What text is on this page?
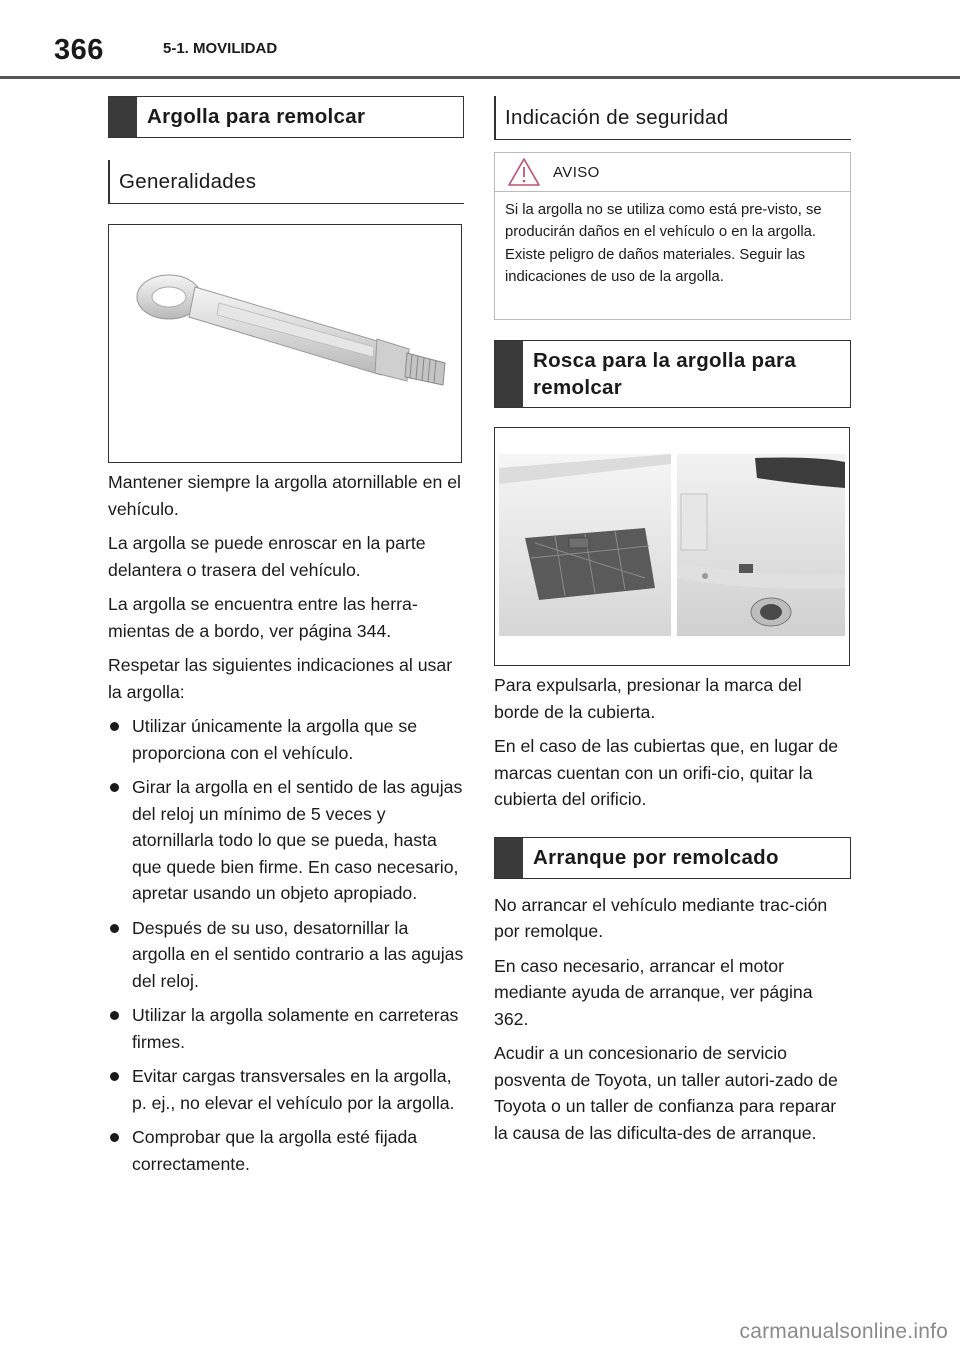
366	5-1. MOVILIDAD
Argolla para remolcar
Generalidades

Mantener siempre la argolla atornillable en el vehículo.

La argolla se puede enroscar en la parte delantera o trasera del vehículo.

La argolla se encuentra entre las herra-mientas de a bordo, ver página 344.

Respetar las siguientes indicaciones al usar la argolla:

Utilizar únicamente la argolla que se proporciona con el vehículo.
Girar la argolla en el sentido de las agujas del reloj un mínimo de 5 veces y atornillarla todo lo que se pueda, hasta que quede bien firme. En caso necesario, apretar usando un objeto apropiado.
Después de su uso, desatornillar la argolla en el sentido contrario a las agujas del reloj.
Utilizar la argolla solamente en carreteras firmes.
Evitar cargas transversales en la argolla, p. ej., no elevar el vehículo por la argolla.
Comprobar que la argolla esté fijada correctamente.
Indicación de seguridad
AVISO
Si la argolla no se utiliza como está pre-visto, se producirán daños en el vehículo o en la argolla. Existe peligro de daños materiales. Seguir las indicaciones de uso de la argolla.
Rosca para la argolla para remolcar

Para expulsarla, presionar la marca del borde de la cubierta.

En el caso de las cubiertas que, en lugar de marcas cuentan con un orifi-cio, quitar la cubierta del orificio.

Arranque por remolcado

No arrancar el vehículo mediante trac-ción por remolque.

En caso necesario, arrancar el motor mediante ayuda de arranque, ver página 362.

Acudir a un concesionario de servicio posventa de Toyota, un taller autori-zado de Toyota o un taller de confianza para reparar la causa de las dificulta-des de arranque.

carmanualsonline.info
